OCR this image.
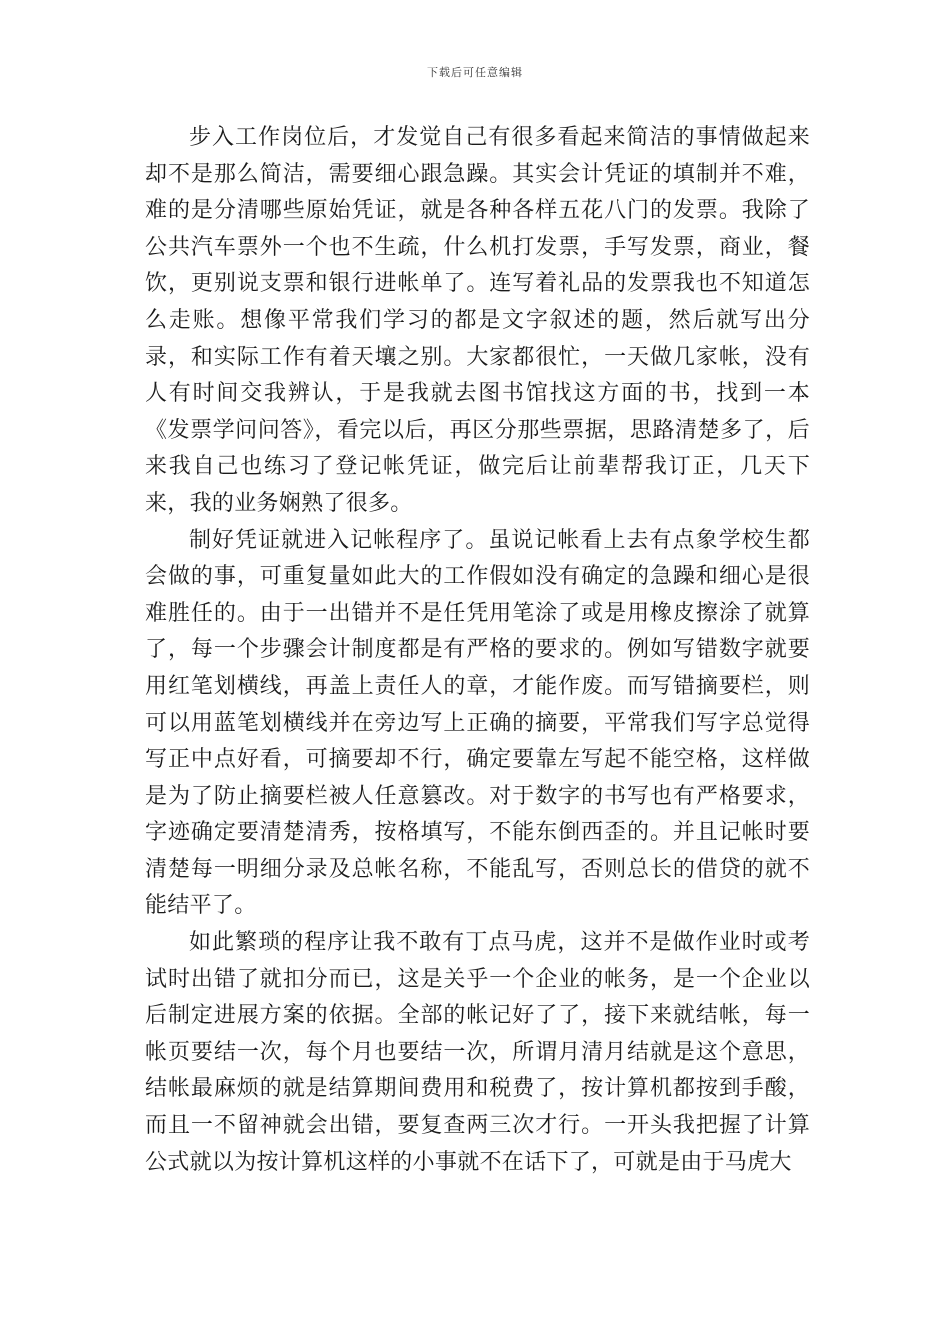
下载后可任意编辑

步入工作岗位后，才发觉自己有很多看起来简洁的事情做起来却不是那么简洁，需要细心跟急躁。其实会计凭证的填制并不难，难的是分清哪些原始凭证，就是各种各样五花八门的发票。我除了公共汽车票外一个也不生疏，什么机打发票，手写发票，商业，餐饮，更别说支票和银行进帐单了。连写着礼品的发票我也不知道怎么走账。想像平常我们学习的都是文字叙述的题，然后就写出分录，和实际工作有着天壤之别。大家都很忙，一天做几家帐，没有人有时间交我辨认，于是我就去图书馆找这方面的书，找到一本《发票学问问答》，看完以后，再区分那些票据，思路清楚多了，后来我自己也练习了登记帐凭证，做完后让前辈帮我订正，几天下来，我的业务娴熟了很多。

制好凭证就进入记帐程序了。虽说记帐看上去有点象学校生都会做的事，可重复量如此大的工作假如没有确定的急躁和细心是很难胜任的。由于一出错并不是任凭用笔涂了或是用橡皮擦涂了就算了，每一个步骤会计制度都是有严格的要求的。例如写错数字就要用红笔划横线，再盖上责任人的章，才能作废。而写错摘要栏，则可以用蓝笔划横线并在旁边写上正确的摘要，平常我们写字总觉得写正中点好看，可摘要却不行，确定要靠左写起不能空格，这样做是为了防止摘要栏被人任意篡改。对于数字的书写也有严格要求，字迹确定要清楚清秀，按格填写，不能东倒西歪的。并且记帐时要清楚每一明细分录及总帐名称，不能乱写，否则总长的借贷的就不能结平了。

如此繁琐的程序让我不敢有丁点马虎，这并不是做作业时或考试时出错了就扣分而已，这是关乎一个企业的帐务，是一个企业以后制定进展方案的依据。全部的帐记好了了，接下来就结帐，每一帐页要结一次，每个月也要结一次，所谓月清月结就是这个意思，结帐最麻烦的就是结算期间费用和税费了，按计算机都按到手酸，而且一不留神就会出错，要复查两三次才行。一开头我把握了计算公式就以为按计算机这样的小事就不在话下了，可就是由于马虎大
